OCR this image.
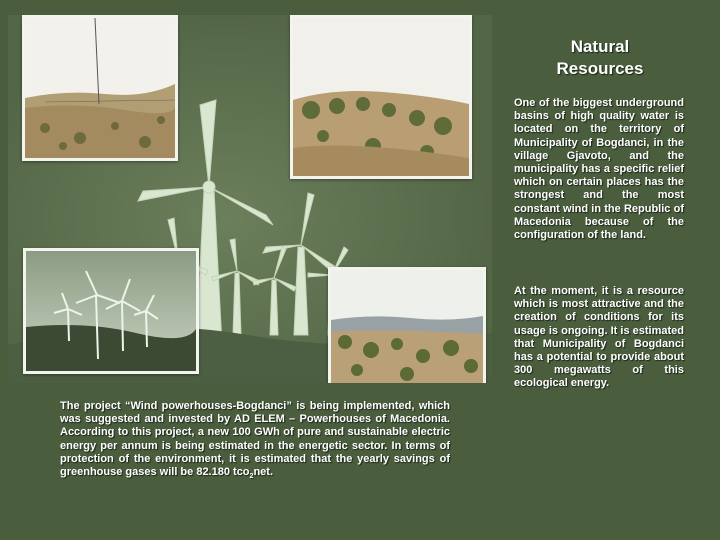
Natural
Resources
One of the biggest underground basins of high quality water is located on the territory of Municipality of Bogdanci, in the village Gjavoto, and the municipality has a specific relief which on certain places has the strongest and the most constant wind in the Republic of Macedonia because of the configuration of the land.
At the moment, it is a resource which is most attractive and the creation of conditions for its usage is ongoing. It is estimated that Municipality of Bogdanci has a potential to provide about 300 megawatts of this ecological energy.
The project “Wind powerhouses-Bogdanci” is being implemented, which was suggested and invested by AD ELEM – Powerhouses of Macedonia. According to this project, a new 100 GWh of pure and sustainable electric energy per annum is being estimated in the energetic sector. In terms of protection of the environment, it is estimated that the yearly savings of greenhouse gases will be 82.180 tco$_2$net.
